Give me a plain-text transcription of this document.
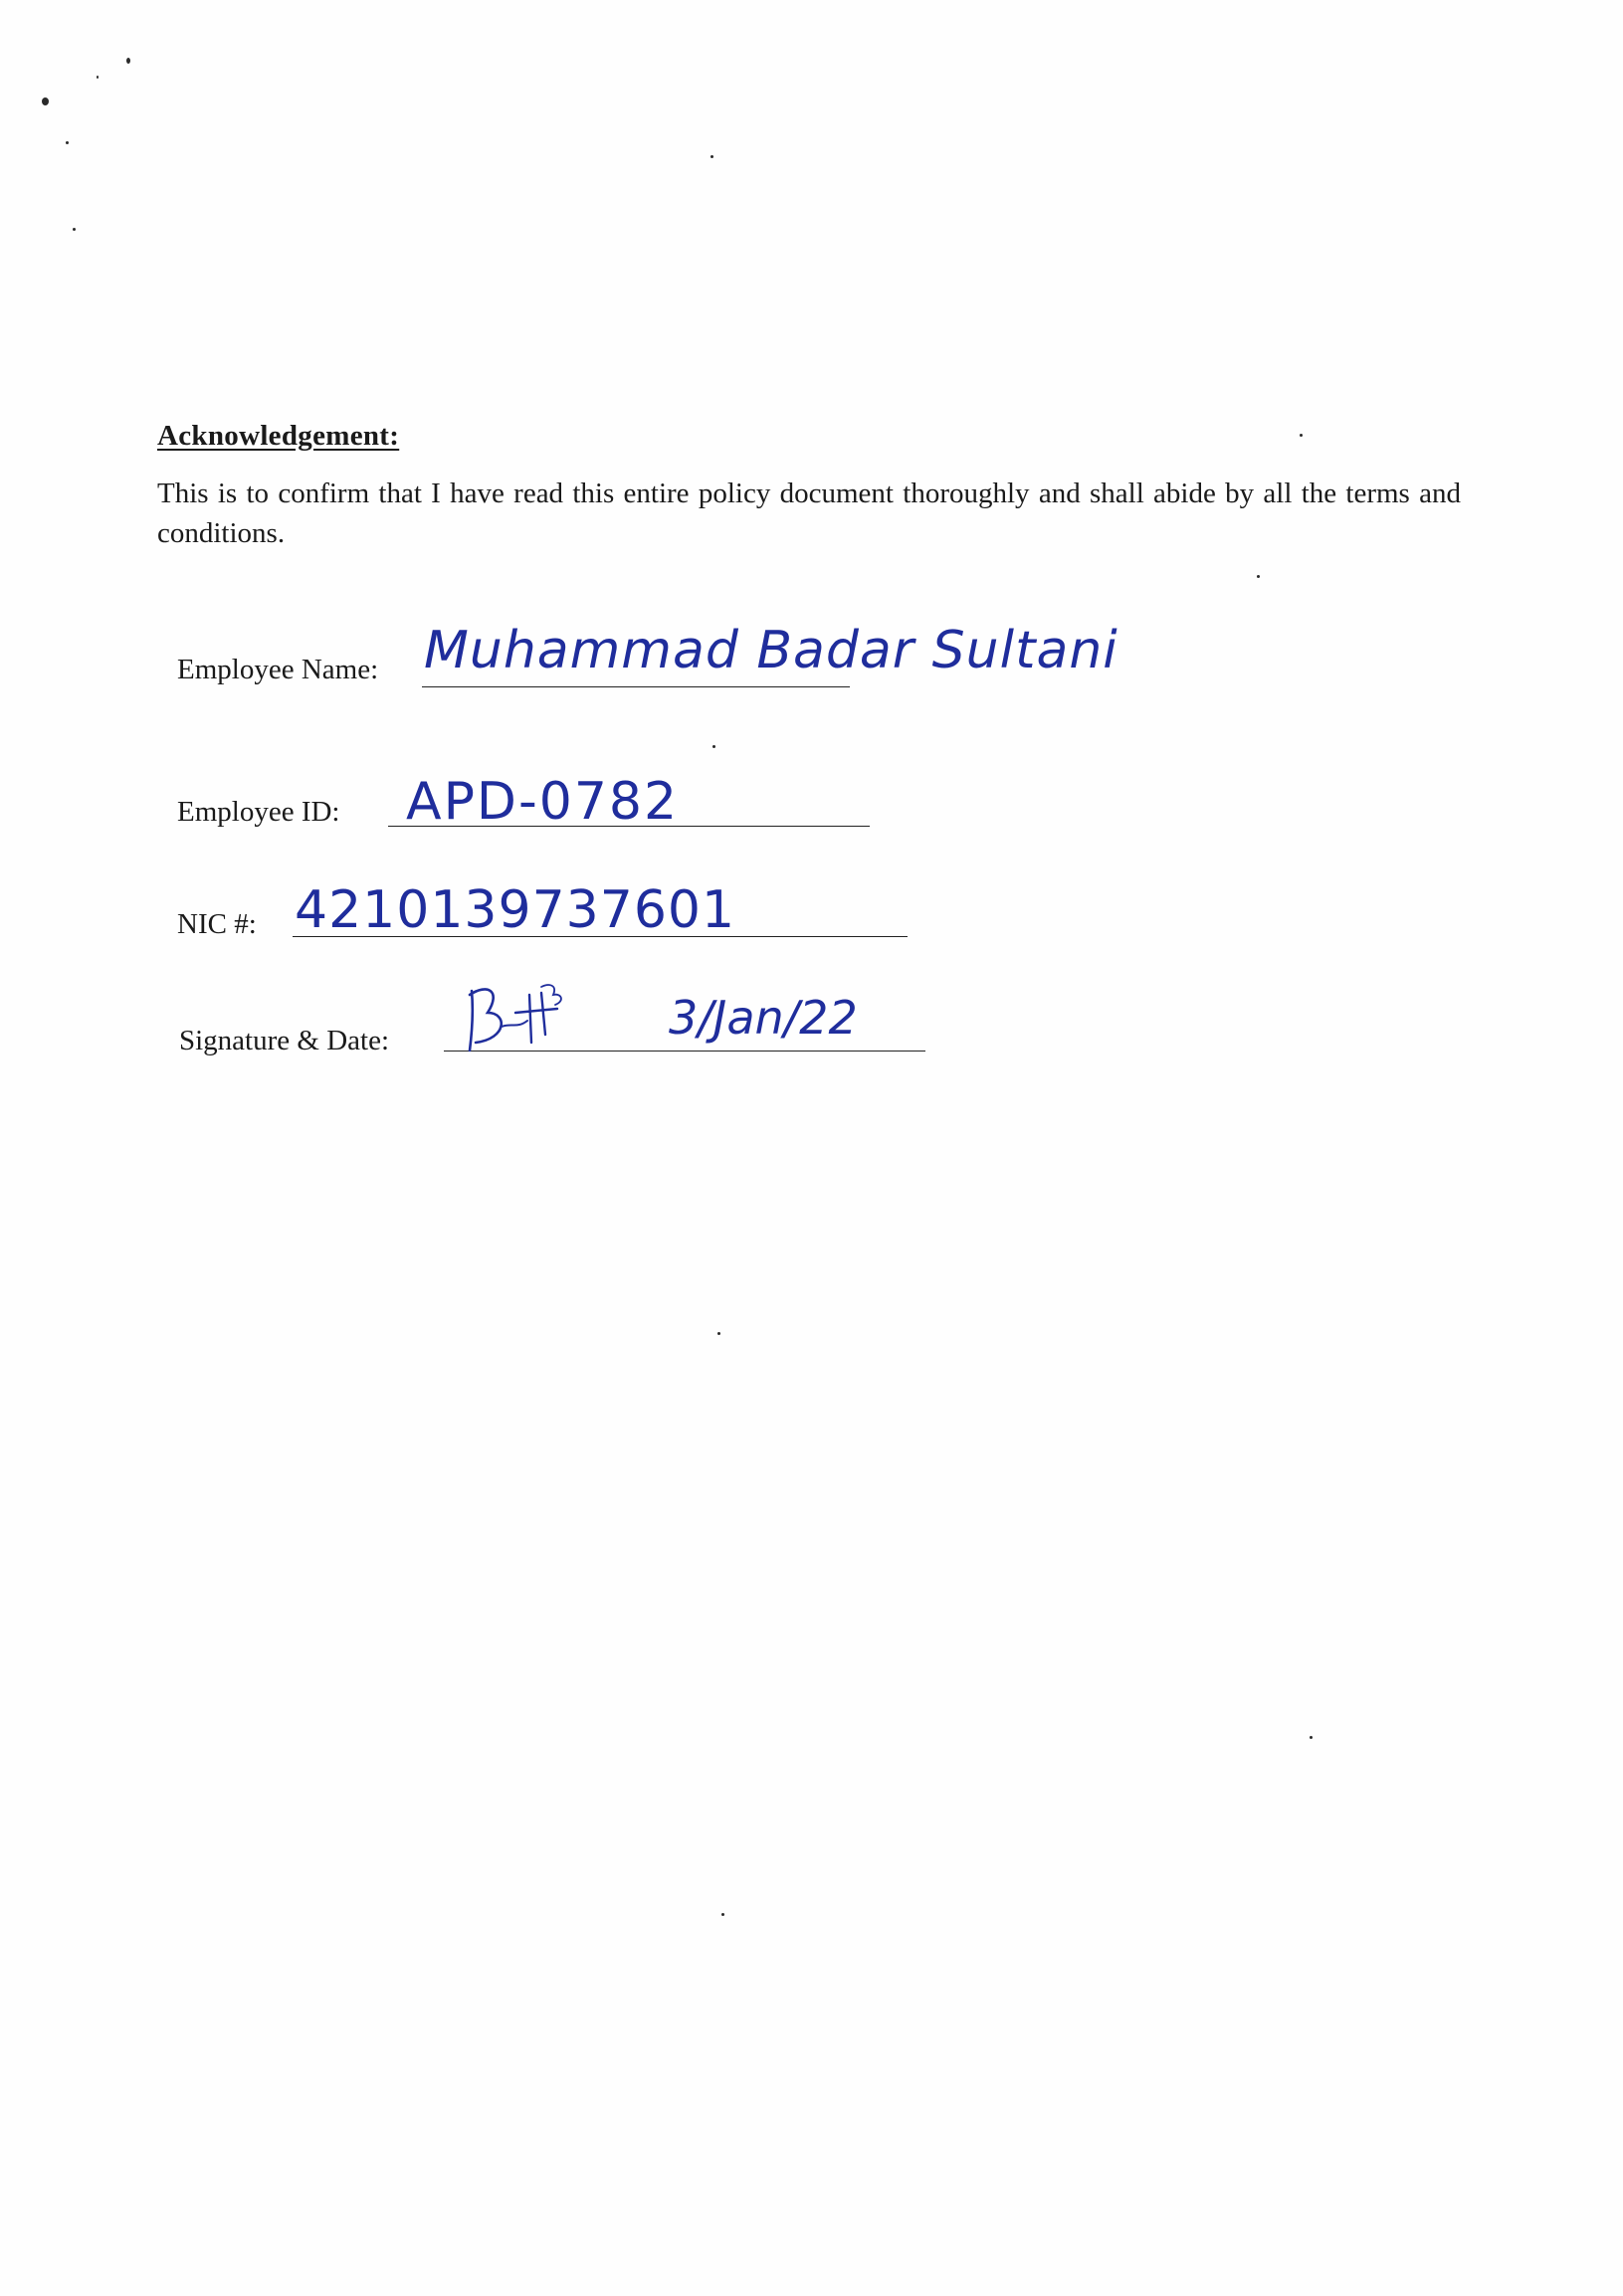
Acknowledgement:
This is to confirm that I have read this entire policy document thoroughly and shall abide by all the terms and conditions.
Employee Name: Muhammad Badar Sultani
Employee ID: APD-0782
NIC #: 4210139737601
Signature & Date:	3/Jan/22
